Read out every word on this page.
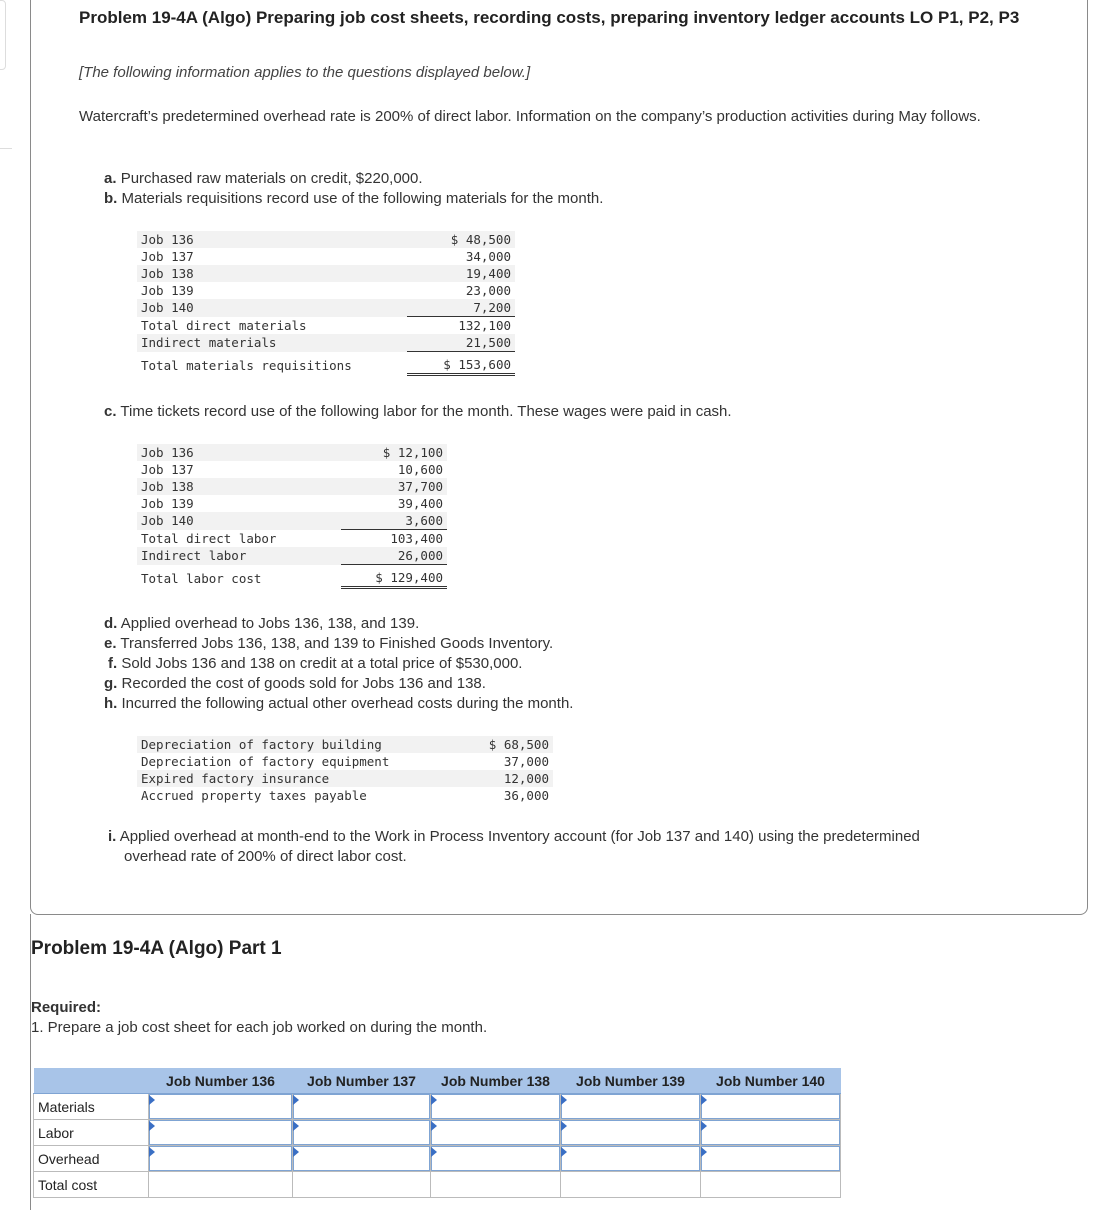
Problem 19-4A (Algo) Preparing job cost sheets, recording costs, preparing inventory ledger accounts LO P1, P2, P3
[The following information applies to the questions displayed below.]
Watercraft’s predetermined overhead rate is 200% of direct labor. Information on the company’s production activities during May follows.
a. Purchased raw materials on credit, $220,000.
b. Materials requisitions record use of the following materials for the month.
Job 136	$ 48,500
Job 137	34,000
Job 138	19,400
Job 139	23,000
Job 140	7,200
Total direct materials	132,100
Indirect materials	21,500
Total materials requisitions	$ 153,600
c. Time tickets record use of the following labor for the month. These wages were paid in cash.
Job 136	$ 12,100
Job 137	10,600
Job 138	37,700
Job 139	39,400
Job 140	3,600
Total direct labor	103,400
Indirect labor	26,000
Total labor cost	$ 129,400
d. Applied overhead to Jobs 136, 138, and 139.
e. Transferred Jobs 136, 138, and 139 to Finished Goods Inventory.
f. Sold Jobs 136 and 138 on credit at a total price of $530,000.
g. Recorded the cost of goods sold for Jobs 136 and 138.
h. Incurred the following actual other overhead costs during the month.
Depreciation of factory building	$ 68,500
Depreciation of factory equipment	37,000
Expired factory insurance	12,000
Accrued property taxes payable	36,000
i. Applied overhead at month-end to the Work in Process Inventory account (for Job 137 and 140) using the predetermined overhead rate of 200% of direct labor cost.
Problem 19-4A (Algo) Part 1
Required:
1. Prepare a job cost sheet for each job worked on during the month.
	Job Number 136	Job Number 137	Job Number 138	Job Number 139	Job Number 140
Materials	

Labor	

Overhead	

Total cost					
